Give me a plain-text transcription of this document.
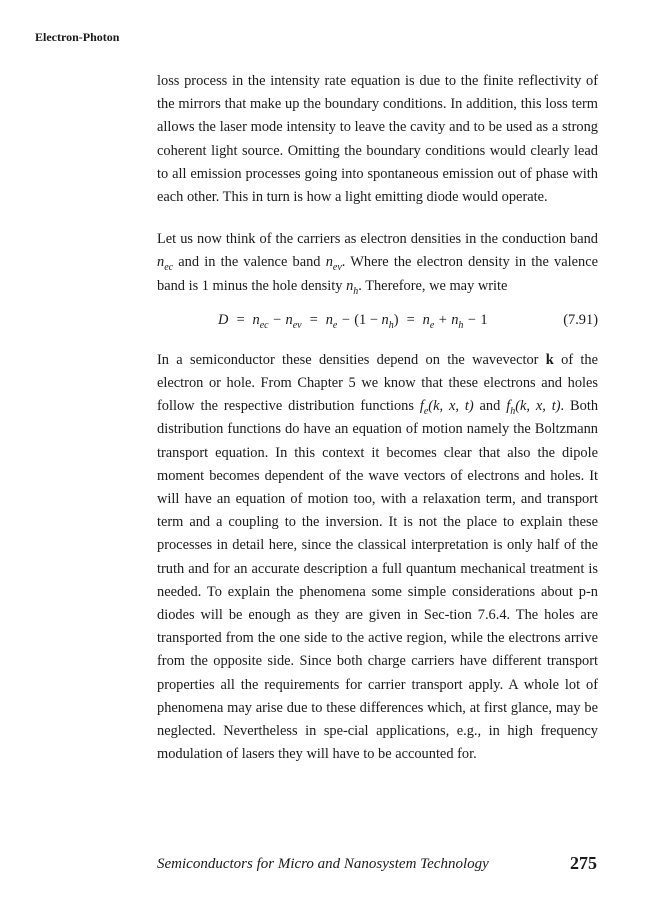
Electron-Photon

loss process in the intensity rate equation is due to the finite reflectivity of the mirrors that make up the boundary conditions. In addition, this loss term allows the laser mode intensity to leave the cavity and to be used as a strong coherent light source. Omitting the boundary conditions would clearly lead to all emission processes going into spontaneous emission out of phase with each other. This in turn is how a light emitting diode would operate.

Let us now think of the carriers as electron densities in the conduction band $n_{ec}$ and in the valence band $n_{ev}$. Where the electron density in the valence band is 1 minus the hole density $n_h$. Therefore, we may write

$D = n_{ec} - n_{ev} = n_e - (1 - n_h) = n_e + n_h - 1$	(7.91)

In a semiconductor these densities depend on the wavevector k of the electron or hole. From Chapter 5 we know that these electrons and holes follow the respective distribution functions $f_e(k$, x, t) and $f_h(k$, x, t). Both distribution functions do have an equation of motion namely the Boltzmann transport equation. In this context it becomes clear that also the dipole moment becomes dependent of the wave vectors of electrons and holes. It will have an equation of motion too, with a relaxation term, and transport term and a coupling to the inversion. It is not the place to explain these processes in detail here, since the classical interpretation is only half of the truth and for an accurate description a full quantum mechanical treatment is needed. To explain the phenomena some simple considerations about p-n diodes will be enough as they are given in Sec-tion 7.6.4. The holes are transported from the one side to the active region, while the electrons arrive from the opposite side. Since both charge carriers have different transport properties all the requirements for carrier transport apply. A whole lot of phenomena may arise due to these differences which, at first glance, may be neglected. Nevertheless in spe-cial applications, e.g., in high frequency modulation of lasers they will have to be accounted for.

Semiconductors for Micro and Nanosystem Technology	275
